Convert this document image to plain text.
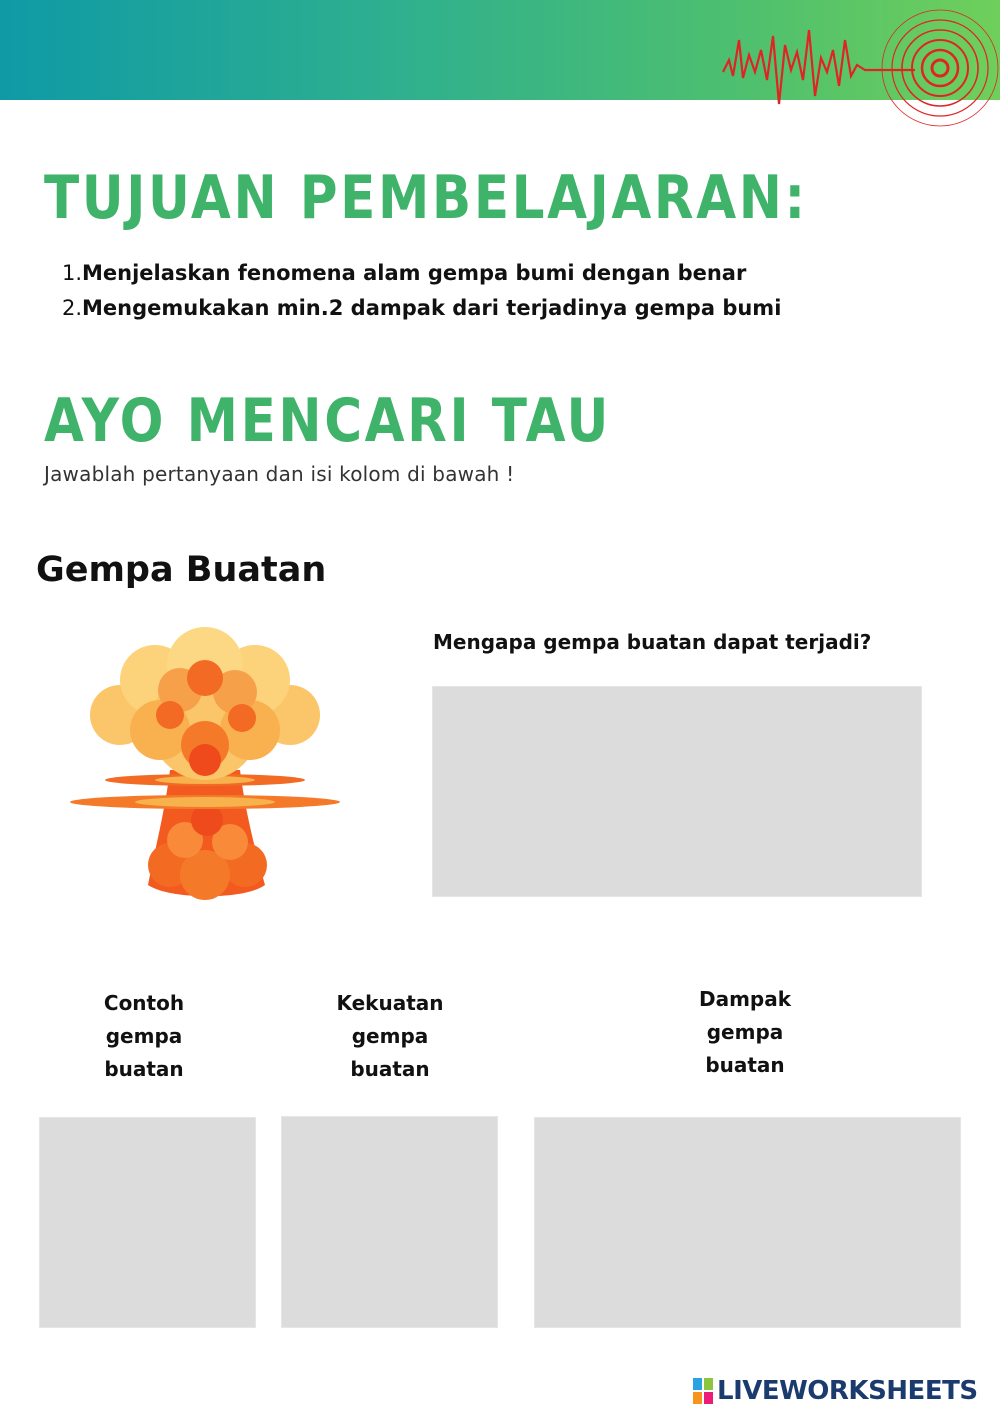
TUJUAN PEMBELAJARAN:
1. Menjelaskan fenomena alam gempa bumi dengan benar
2. Mengemukakan min.2 dampak dari terjadinya gempa bumi
AYO MENCARI TAU
Jawablah pertanyaan dan isi kolom di bawah !
Gempa Buatan
Mengapa gempa buatan dapat terjadi?
Contoh
gempa
buatan
Kekuatan
gempa
buatan
Dampak
gempa
buatan
LIVEWORKSHEETS
